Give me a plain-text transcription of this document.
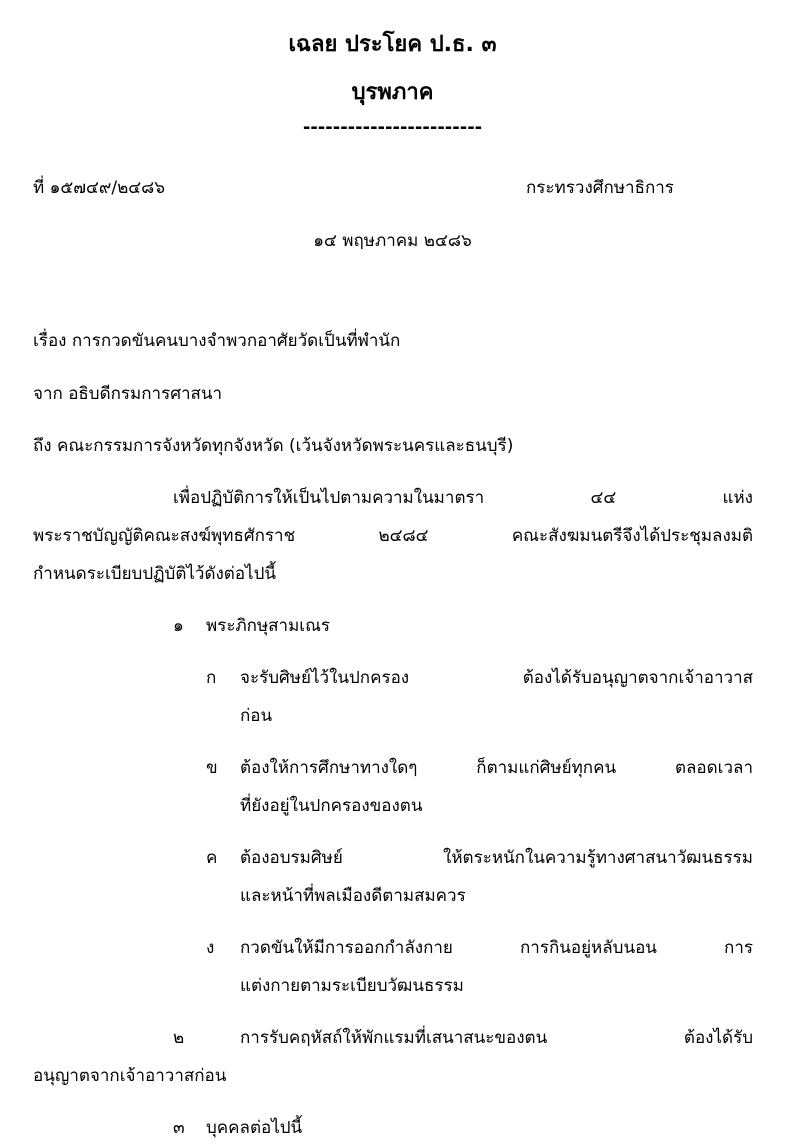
เฉลย ประโยค ป.ธ. ๓
บุรพภาค
------------------------
ที่ ๑๕๗๔๙/๒๔๘๖	กระทรวงศึกษาธิการ
๑๔ พฤษภาคม ๒๔๘๖
เรื่อง การกวดขันคนบางจำพวกอาศัยวัดเป็นที่พำนัก
จาก อธิบดีกรมการศาสนา
ถึง คณะกรรมการจังหวัดทุกจังหวัด (เว้นจังหวัดพระนครและธนบุรี)
เพื่อปฏิบัติการให้เป็นไปตามความในมาตรา ๔๔ แห่ง
พระราชบัญญัติคณะสงฆ์พุทธศักราช ๒๔๘๔ คณะสังฆมนตรีจึงได้ประชุมลงมติ
กำหนดระเบียบปฏิบัติไว้ดังต่อไปนี้
๑ พระภิกษุสามเณร
ก จะรับศิษย์ไว้ในปกครอง ต้องได้รับอนุญาตจากเจ้าอาวาส
ก่อน
ข ต้องให้การศึกษาทางใดๆ ก็ตามแก่ศิษย์ทุกคน ตลอดเวลา
ที่ยังอยู่ในปกครองของตน
ค ต้องอบรมศิษย์ ให้ตระหนักในความรู้ทางศาสนาวัฒนธรรม
และหน้าที่พลเมืองดีตามสมควร
ง กวดขันให้มีการออกกำลังกาย การกินอยู่หลับนอน การ
แต่งกายตามระเบียบวัฒนธรรม
๒	การรับคฤหัสถ์ให้พักแรมที่เสนาสนะของตน ต้องได้รับ
อนุญาตจากเจ้าอาวาสก่อน
๓ บุคคลต่อไปนี้
